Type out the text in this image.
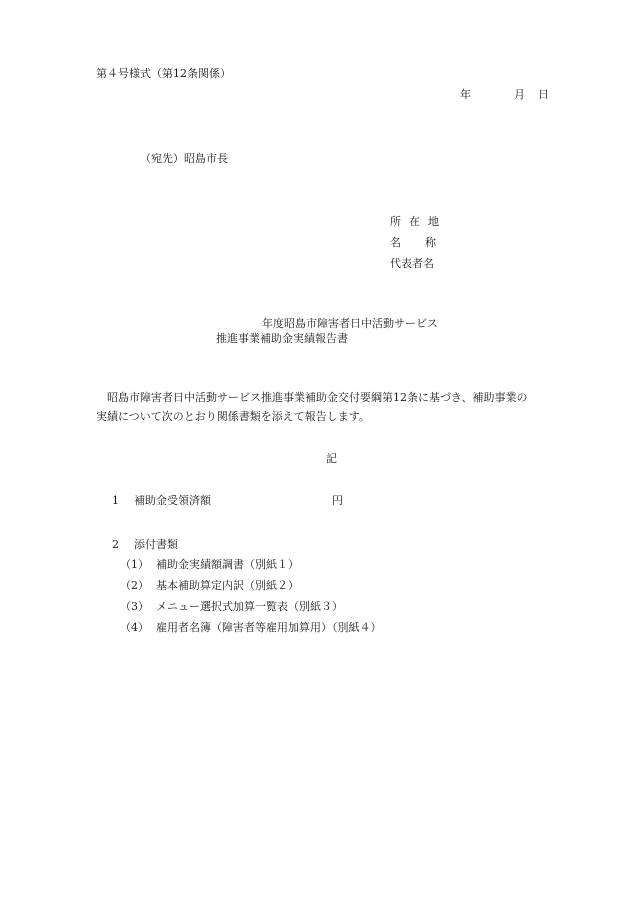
第４号様式（第12条関係）
年	月 日
（宛先）昭島市長
所在地
名称
代表者名
年度昭島市障害者日中活動サービス
推進事業補助金実績報告書

昭島市障害者日中活動サービス推進事業補助金交付要綱第12条に基づき、補助事業の

実績について次のとおり関係書類を添えて報告します。
記
1 補助金受領済額	円
2 添付書類
（1） 補助金実績額調書（別紙１）
（2） 基本補助算定内訳（別紙２）
（3） メニュー選択式加算一覧表（別紙３）
（4） 雇用者名簿（障害者等雇用加算用）（別紙４）
